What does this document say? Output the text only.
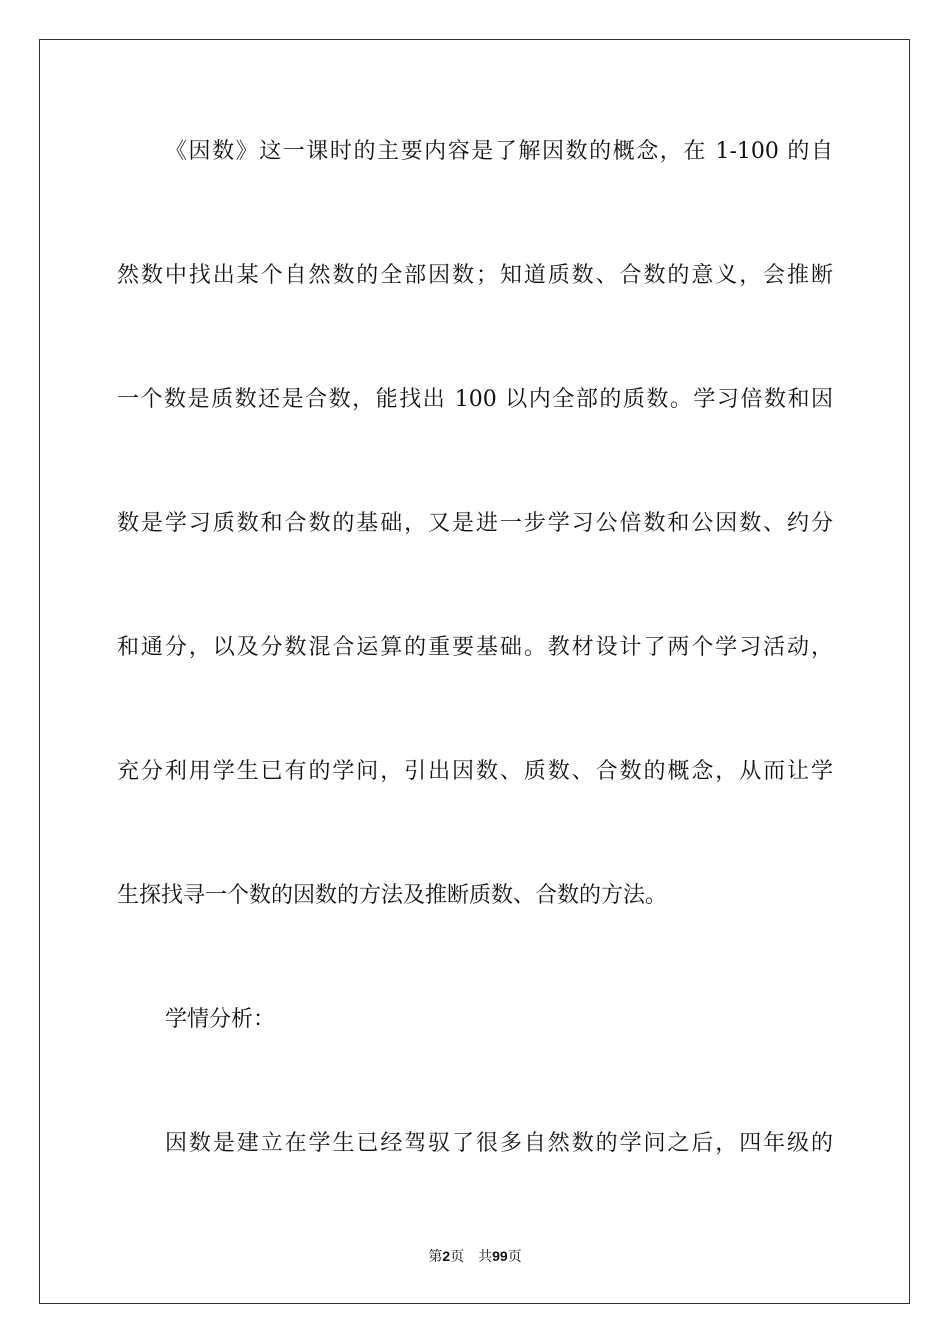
《因数》这一课时的主要内容是了解因数的概念，在 1-100 的自
然数中找出某个自然数的全部因数；知道质数、合数的意义，会推断
一个数是质数还是合数，能找出 100 以内全部的质数。学习倍数和因
数是学习质数和合数的基础，又是进一步学习公倍数和公因数、约分
和通分，以及分数混合运算的重要基础。教材设计了两个学习活动，
充分利用学生已有的学问，引出因数、质数、合数的概念，从而让学
生探找寻一个数的因数的方法及推断质数、合数的方法。
学情分析：
因数是建立在学生已经驾驭了很多自然数的学问之后，四年级的
第2页 共99页
